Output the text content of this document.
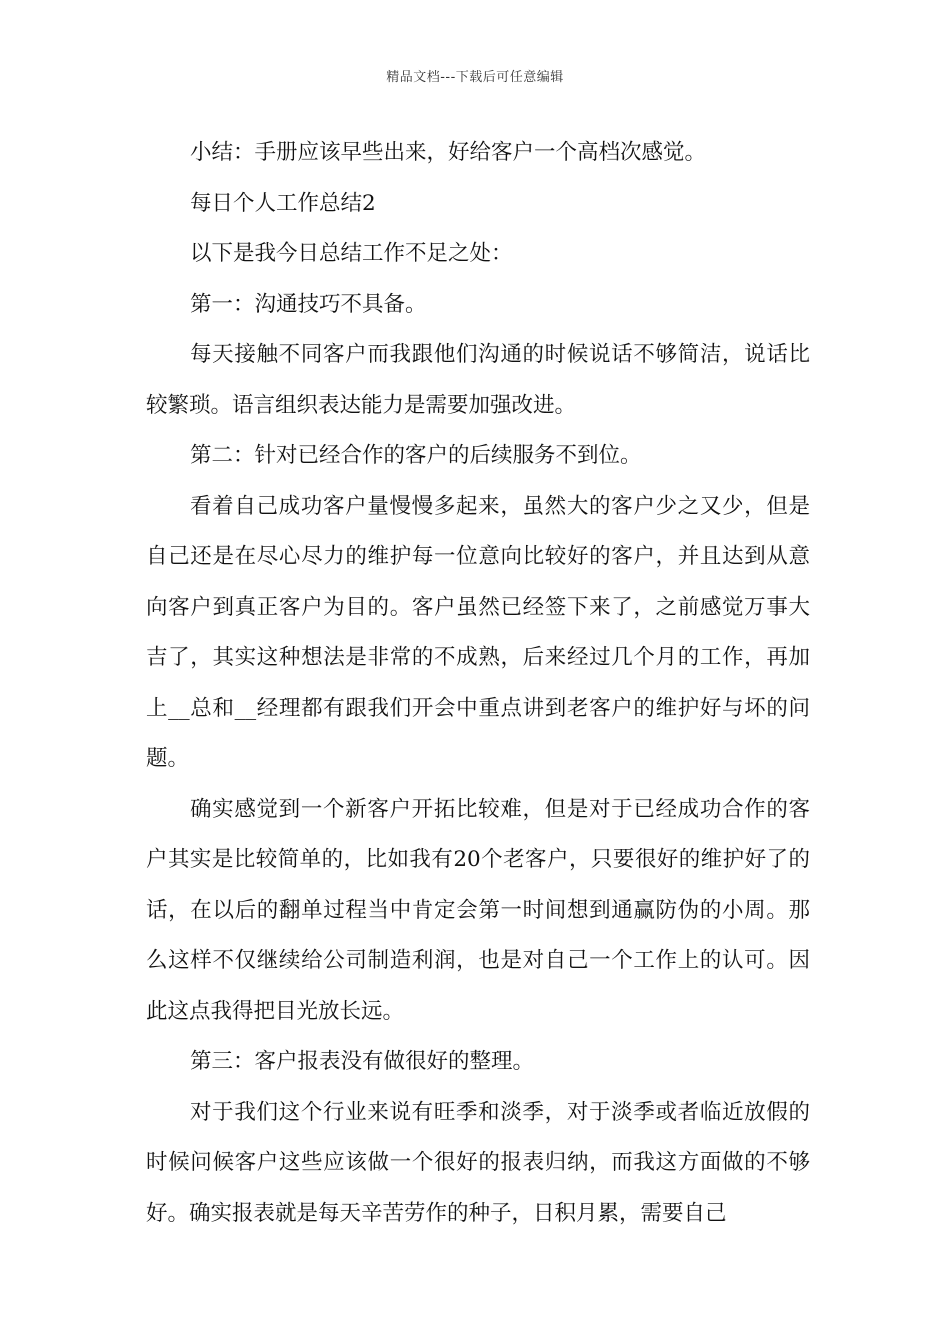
精品文档---下载后可任意编辑

小结：手册应该早些出来，好给客户一个高档次感觉。

每日个人工作总结2

以下是我今日总结工作不足之处：

第一：沟通技巧不具备。

每天接触不同客户而我跟他们沟通的时候说话不够简洁，说话比较繁琐。语言组织表达能力是需要加强改进。

第二：针对已经合作的客户的后续服务不到位。

看着自己成功客户量慢慢多起来，虽然大的客户少之又少，但是自己还是在尽心尽力的维护每一位意向比较好的客户，并且达到从意向客户到真正客户为目的。客户虽然已经签下来了，之前感觉万事大吉了，其实这种想法是非常的不成熟，后来经过几个月的工作，再加上__总和__经理都有跟我们开会中重点讲到老客户的维护好与坏的问题。

确实感觉到一个新客户开拓比较难，但是对于已经成功合作的客户其实是比较简单的，比如我有20个老客户，只要很好的维护好了的话，在以后的翻单过程当中肯定会第一时间想到通赢防伪的小周。那么这样不仅继续给公司制造利润，也是对自己一个工作上的认可。因此这点我得把目光放长远。

第三：客户报表没有做很好的整理。

对于我们这个行业来说有旺季和淡季，对于淡季或者临近放假的时候问候客户这些应该做一个很好的报表归纳，而我这方面做的不够好。确实报表就是每天辛苦劳作的种子，日积月累，需要自己
